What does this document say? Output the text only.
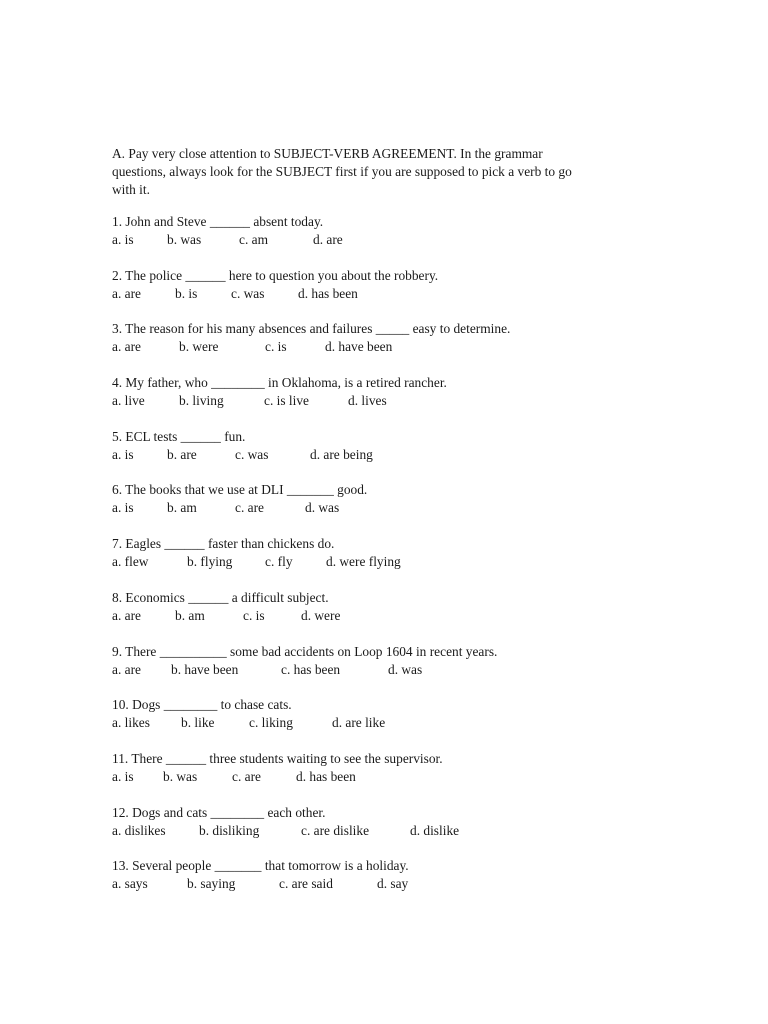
A. Pay very close attention to SUBJECT-VERB AGREEMENT. In the grammar
questions, always look for the SUBJECT first if you are supposed to pick a verb to go
with it.
1. John and Steve ______ absent today.
a. is b. was	c. am	d. are
2. The police ______ here to question you about the robbery.
a. are	b. is	c. was	d. has been
3. The reason for his many absences and failures _____ easy to determine.
a. are	b. were	c. is	d. have been
4. My father, who ________ in Oklahoma, is a retired rancher.
a. live	b. living	c. is live	d. lives
5. ECL tests ______ fun.
a. is b. are	c. was	d. are being
6. The books that we use at DLI _______ good.
a. is b. am	c. are	d. was
7. Eagles ______ faster than chickens do.
a. flew	b. flying c. fly d. were flying
8. Economics ______ a difficult subject.
a. are	b. am	c. is	d. were
9. There __________ some bad accidents on Loop 1604 in recent years.
a. are b. have been	c. has been	d. was
10. Dogs ________ to chase cats.
a. likes b. like	c. liking	d. are like
11. There ______ three students waiting to see the supervisor.
a. is b. was	c. are	d. has been
12. Dogs and cats ________ each other.
a. dislikes b. disliking	c. are dislike	d. dislike
13. Several people _______ that tomorrow is a holiday.
a. says	b. saying	c. are said	d. say
